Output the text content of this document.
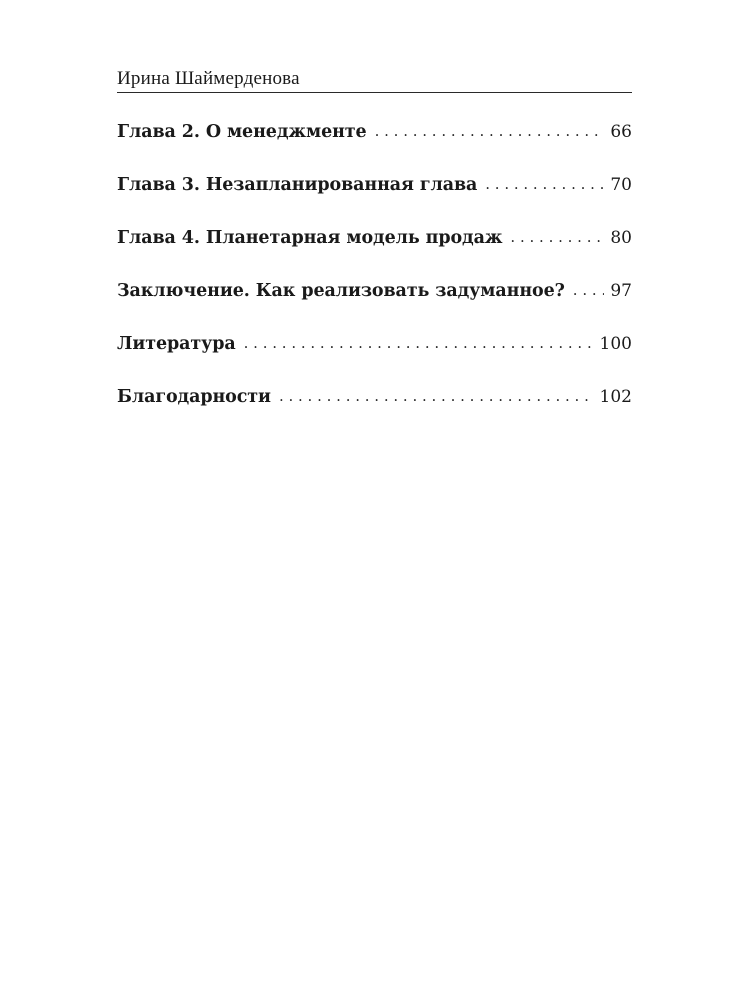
Ирина Шаймерденова
Глава 2. О менеджменте . . .	66
Глава 3. Незапланированная глава . . .	70
Глава 4. Планетарная модель продаж . . .	80
Заключение. Как реализовать задуманное? . . .	97
Литература . . .	100
Благодарности . . .	102
